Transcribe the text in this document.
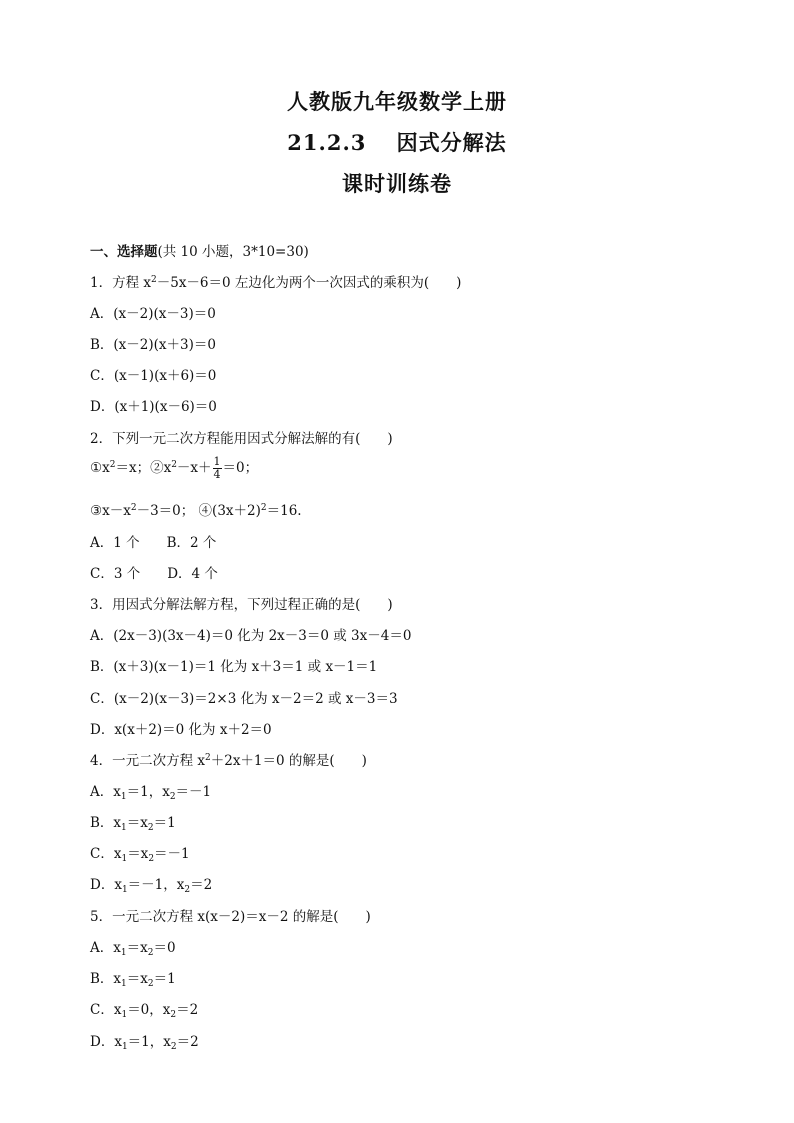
人教版九年级数学上册
21.2.3　 因式分解法
课时训练卷
一、选择题(共 10 小题，3*10=30)
1．方程 $x^2-5x-6=0$ 左边化为两个一次因式的乘积为(　　)
A．(x－2)(x－3)＝0
B．(x－2)(x＋3)＝0
C．(x－1)(x＋6)＝0
D．(x＋1)(x－6)＝0
2．下列一元二次方程能用因式分解法解的有(　　)
$①x^2=x$；$②x^2-x+ \frac{1}{4} =0$；
$③x-x^2-3=0$； $④(3x+2)^2=16$.
A．1 个　　B．2 个
C．3 个　　D．4 个
3．用因式分解法解方程，下列过程正确的是(　　)
A．(2x－3)(3x－4)＝0 化为 2x－3＝0 或 3x－4＝0
B．(x＋3)(x－1)＝1 化为 x＋3＝1 或 x－1＝1
C．(x－2)(x－3)＝2×3 化为 x－2＝2 或 x－3＝3
D．x(x＋2)＝0 化为 x＋2＝0
4．一元二次方程 $x^2+2x+1=0$ 的解是(　　)
A．$x_1=1$，$x_2=-1$
B．$x_1=x_2=1$
C．$x_1=x_2=-1$
D．$x_1=-1$，$x_2=2$
5．一元二次方程 x(x－2)＝x－2 的解是(　　)
A．$x_1=x_2=0$
B．$x_1=x_2=1$
C．$x_1=0$，$x_2=2$
D．$x_1=1$，$x_2=2$
